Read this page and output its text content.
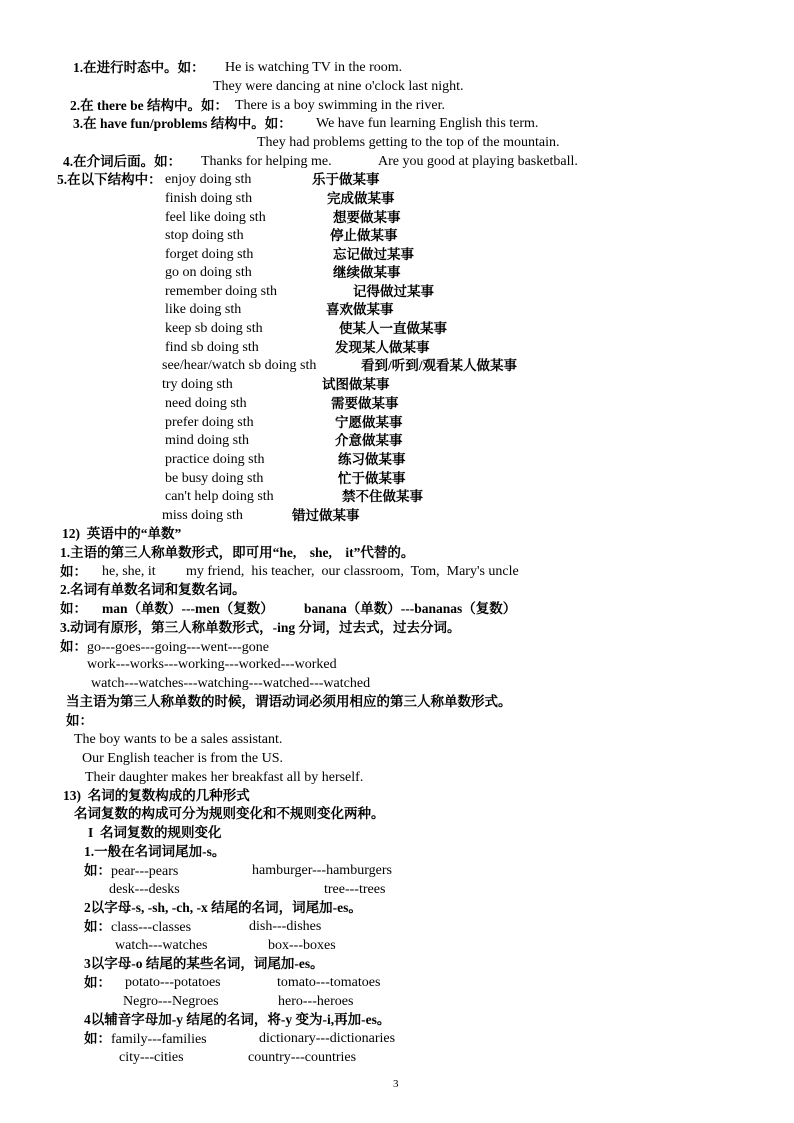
1.在进行时态中。如： He is watching TV in the room.
They were dancing at nine o'clock last night.
2.在 there be 结构中。如： There is a boy swimming in the river.
3.在 have fun/problems 结构中。如： We have fun learning English this term.
They had problems getting to the top of the mountain.
4.在介词后面。如： Thanks for helping me.	Are you good at playing basketball.
5.在以下结构中： enjoy doing sth	乐于做某事
finish doing sth	完成做某事
feel like doing sth	想要做某事
stop doing sth	停止做某事
forget doing sth	忘记做过某事
go on doing sth	继续做某事
remember doing sth	记得做过某事
like doing sth	喜欢做某事
keep sb doing sth	使某人一直做某事
find sb doing sth	发现某人做某事
see/hear/watch sb doing sth	看到/听到/观看某人做某事
try doing sth	试图做某事
need doing sth	需要做某事
prefer doing sth	宁愿做某事
mind doing sth	介意做某事
practice doing sth	练习做某事
be busy doing sth	忙于做某事
can't help doing sth	禁不住做某事
miss doing sth	错过做某事
12)  英语中的“单数”
1.主语的第三人称单数形式，即可用“he,    she,    it”代替的。
如： he, she, it my friend,  his teacher,  our classroom,  Tom,  Mary's uncle
2.名词有单数名词和复数名词。
如： man（单数）---men（复数） banana（单数）---bananas（复数）
3.动词有原形，第三人称单数形式，-ing 分词，过去式，过去分词。
如：go---goes---going---went---gone
work---works---working---worked---worked
watch---watches---watching---watched---watched
当主语为第三人称单数的时候，谓语动词必须用相应的第三人称单数形式。
如：
The boy wants to be a sales assistant.
Our English teacher is from the US.
Their daughter makes her breakfast all by herself.
13)  名词的复数构成的几种形式
名词复数的构成可分为规则变化和不规则变化两种。
I  名词复数的规则变化
1.一般在名词词尾加-s。
如：pear---pears	hamburger---hamburgers
desk---desks	tree---trees
2以字母-s, -sh, -ch, -x 结尾的名词，词尾加-es。
如：class---classes	dish---dishes
watch---watches	box---boxes
3以字母-o 结尾的某些名词，词尾加-es。
如： potato---potatoes	tomato---tomatoes
Negro---Negroes	hero---heroes
4以辅音字母加-y 结尾的名词，将-y 变为-i,再加-es。
如：family---families	dictionary---dictionaries
city---cities	country---countries
3
